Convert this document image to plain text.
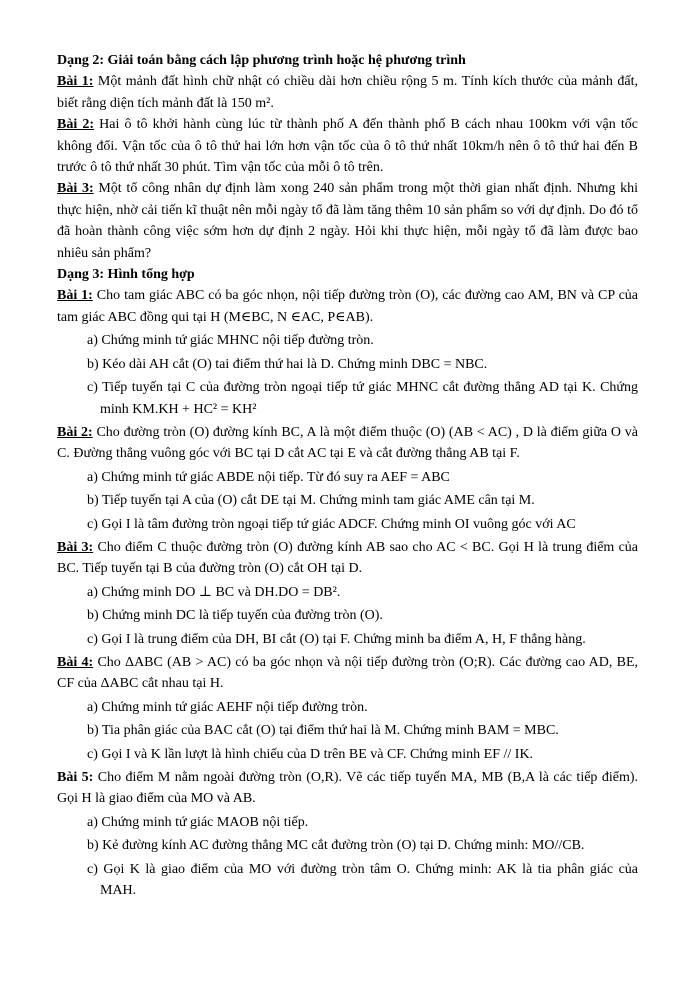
Dạng 2: Giải toán bằng cách lập phương trình hoặc hệ phương trình

Bài 1: Một mảnh đất hình chữ nhật có chiều dài hơn chiều rộng 5 m. Tính kích thước của mảnh đất, biết rằng diện tích mảnh đất là 150 m².

Bài 2: Hai ô tô khởi hành cùng lúc từ thành phố A đến thành phố B cách nhau 100km với vận tốc không đổi. Vận tốc của ô tô thứ hai lớn hơn vận tốc của ô tô thứ nhất 10km/h nên ô tô thứ hai đến B trước ô tô thứ nhất 30 phút. Tìm vận tốc của mỗi ô tô trên.

Bài 3: Một tổ công nhân dự định làm xong 240 sản phẩm trong một thời gian nhất định. Nhưng khi thực hiện, nhờ cải tiến kĩ thuật nên mỗi ngày tổ đã làm tăng thêm 10 sản phẩm so với dự định. Do đó tổ đã hoàn thành công việc sớm hơn dự định 2 ngày. Hỏi khi thực hiện, mỗi ngày tổ đã làm được bao nhiêu sản phẩm?

Dạng 3: Hình tổng hợp

Bài 1: Cho tam giác ABC có ba góc nhọn, nội tiếp đường tròn (O), các đường cao AM, BN và CP của tam giác ABC đồng qui tại H (M∈BC, N ∈AC, P∈AB).

a) Chứng minh tứ giác MHNC nội tiếp đường tròn.
b) Kéo dài AH cắt (O) tai điểm thứ hai là D. Chứng minh DBC = NBC.
c) Tiếp tuyến tại C của đường tròn ngoại tiếp tứ giác MHNC cắt đường thẳng AD tại K. Chứng minh KM.KH + HC² = KH²

Bài 2: Cho đường tròn (O) đường kính BC, A là một điểm thuộc (O) (AB < AC) , D là điểm giữa O và C. Đường thẳng vuông góc với BC tại D cắt AC tại E và cắt đường thẳng AB tại F.

a) Chứng minh tứ giác ABDE nội tiếp. Từ đó suy ra AEF = ABC
b) Tiếp tuyến tại A của (O) cắt DE tại M. Chứng minh tam giác AME cân tại M.
c) Gọi I là tâm đường tròn ngoại tiếp tứ giác ADCF. Chứng minh OI vuông góc với AC

Bài 3: Cho điểm C thuộc đường tròn (O) đường kính AB sao cho AC < BC. Gọi H là trung điểm của BC. Tiếp tuyến tại B của đường tròn (O) cắt OH tại D.

a) Chứng minh DO ⊥ BC và DH.DO = DB².
b) Chứng minh DC là tiếp tuyến của đường tròn (O).
c) Gọi I là trung điểm của DH, BI cắt (O) tại F. Chứng minh ba điểm A, H, F thẳng hàng.

Bài 4: Cho ΔABC (AB > AC) có ba góc nhọn và nội tiếp đường tròn (O;R). Các đường cao AD, BE, CF của ΔABC cắt nhau tại H.

a) Chứng minh tứ giác AEHF nội tiếp đường tròn.
b) Tia phân giác của BAC cắt (O) tại điểm thứ hai là M. Chứng minh BAM = MBC.
c) Gọi I và K lần lượt là hình chiếu của D trên BE và CF. Chứng minh EF // IK.

Bài 5: Cho điểm M nằm ngoài đường tròn (O,R). Vẽ các tiếp tuyến MA, MB (B,A là các tiếp điểm). Gọi H là giao điểm của MO và AB.

a) Chứng minh tứ giác MAOB nội tiếp.
b) Kẻ đường kính AC đường thẳng MC cắt đường tròn (O) tại D. Chứng minh: MO//CB.
c) Gọi K là giao điểm của MO với đường tròn tâm O. Chứng minh: AK là tia phân giác của MAH.
